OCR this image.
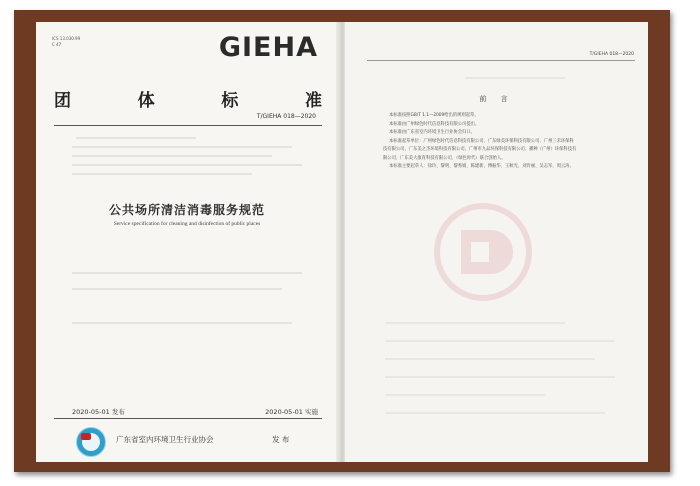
ICS 13.030.99
C 47	GIEHA
团	体	标	准
T/GIEHA 018—2020
公共场所清洁消毒服务规范
Service specification for cleaning and disinfection of public places
2020-05-01 发布	2020-05-01 实施
广东省室内环境卫生行业协会	发 布
T/GIEHA 018—2020
前 言
本标准按照GB/T 1.1—2009给出的规则起草。
本标准由广州绿色时代信息科技有限公司提出。
本标准由广东省室内环境卫生行业协会归口。
本标准起草单位：广州绿色时代信息科技有限公司、广东绿美环保科技有限公司、广州三禾环保科
技有限公司、广东美之杰环境科技有限公司、广州市九品环保科技有限公司、播种（广州）环保科技有
限公司、广东美大康育科技有限公司、（绿色时代）联合创始人。
本标准主要起草人：徐玲、黎明、黎秀娟、陈建新、傅振华、王秋光、刘肯丽、吴志军、周云涛。
